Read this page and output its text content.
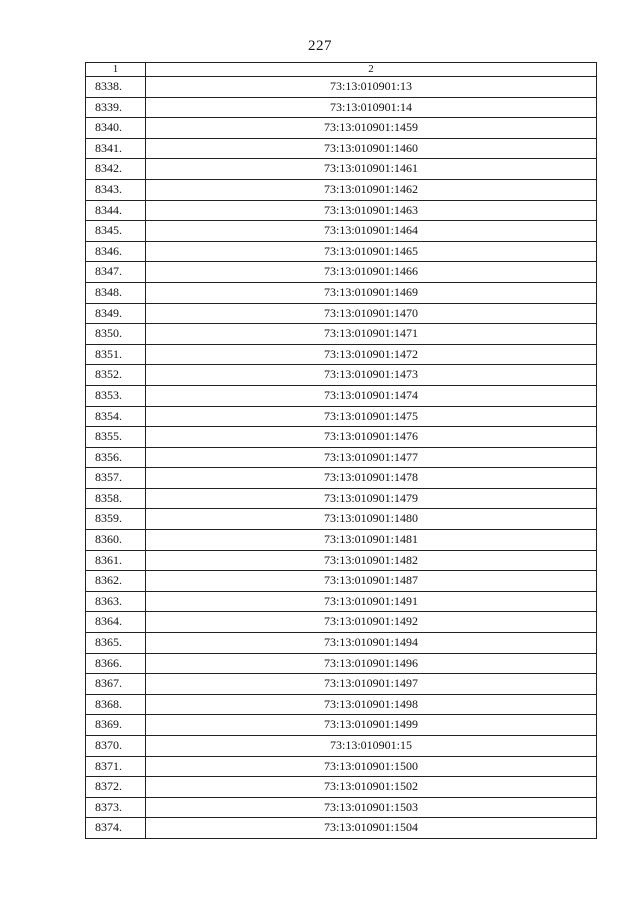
227
1	2
8338.	73:13:010901:13
8339.	73:13:010901:14
8340.	73:13:010901:1459
8341.	73:13:010901:1460
8342.	73:13:010901:1461
8343.	73:13:010901:1462
8344.	73:13:010901:1463
8345.	73:13:010901:1464
8346.	73:13:010901:1465
8347.	73:13:010901:1466
8348.	73:13:010901:1469
8349.	73:13:010901:1470
8350.	73:13:010901:1471
8351.	73:13:010901:1472
8352.	73:13:010901:1473
8353.	73:13:010901:1474
8354.	73:13:010901:1475
8355.	73:13:010901:1476
8356.	73:13:010901:1477
8357.	73:13:010901:1478
8358.	73:13:010901:1479
8359.	73:13:010901:1480
8360.	73:13:010901:1481
8361.	73:13:010901:1482
8362.	73:13:010901:1487
8363.	73:13:010901:1491
8364.	73:13:010901:1492
8365.	73:13:010901:1494
8366.	73:13:010901:1496
8367.	73:13:010901:1497
8368.	73:13:010901:1498
8369.	73:13:010901:1499
8370.	73:13:010901:15
8371.	73:13:010901:1500
8372.	73:13:010901:1502
8373.	73:13:010901:1503
8374.	73:13:010901:1504
